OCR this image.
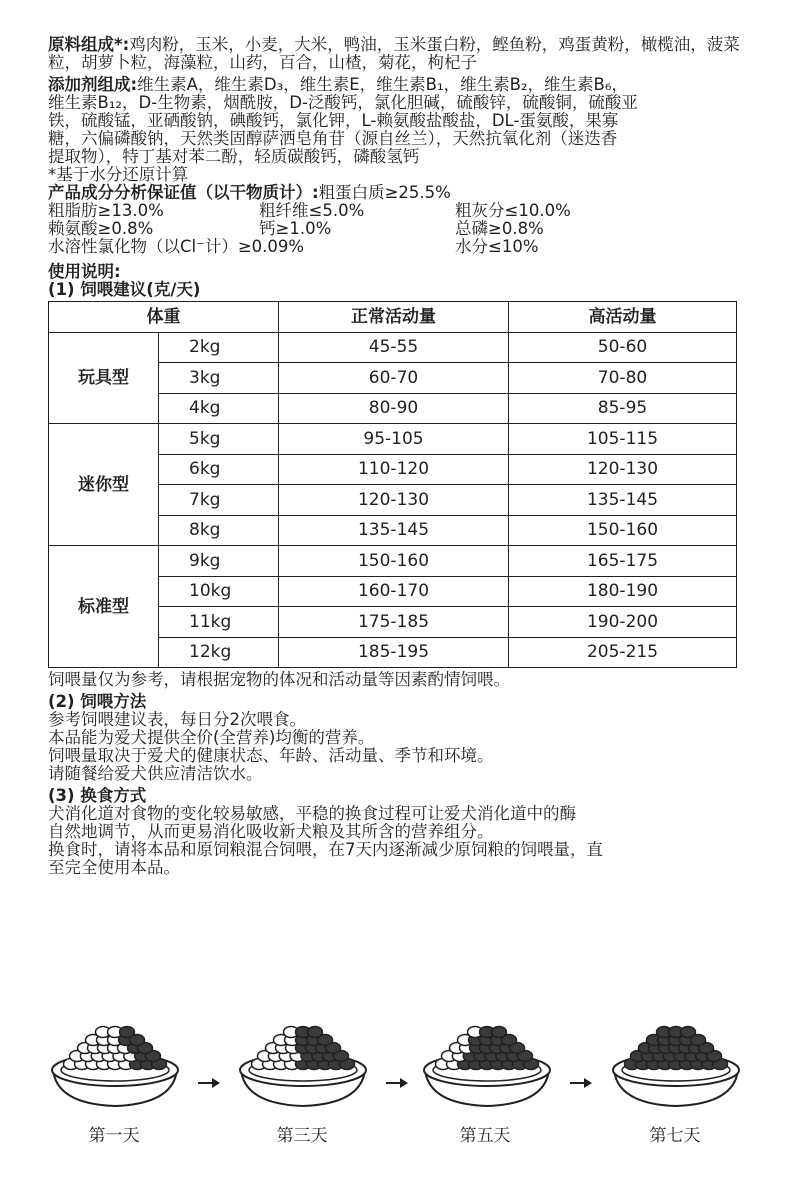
原料组成*:鸡肉粉，玉米，小麦，大米，鸭油，玉米蛋白粉，鲣鱼粉，鸡蛋黄粉，橄榄油，菠菜粒，胡萝卜粒，海藻粒，山药，百合，山楂，菊花，枸杞子

添加剂组成:维生素A，维生素D₃，维生素E，维生素B₁，维生素B₂，维生素B₆，
维生素B₁₂，D-生物素，烟酰胺，D-泛酸钙，氯化胆碱，硫酸锌，硫酸铜，硫酸亚
铁，硫酸锰，亚硒酸钠，碘酸钙，氯化钾，L-赖氨酸盐酸盐，DL-蛋氨酸，果寡
糖，六偏磷酸钠，天然类固醇萨洒皂角苷（源自丝兰），天然抗氧化剂（迷迭香
提取物），特丁基对苯二酚，轻质碳酸钙，磷酸氢钙
*基于水分还原计算
产品成分分析保证值（以干物质计）:粗蛋白质≥25.5%
粗脂肪≥13.0%	粗纤维≤5.0%	粗灰分≤10.0%
赖氨酸≥0.8%	钙≥1.0%	总磷≥0.8%
水溶性氯化物（以Cl⁻计）≥0.09%	水分≤10%
使用说明:
(1) 饲喂建议(克/天)
体重		正常活动量	高活动量
玩具型	2kg	45-55	50-60
	3kg	60-70	70-80
	4kg	80-90	85-95
迷你型	5kg	95-105	105-115
	6kg	110-120	120-130
	7kg	120-130	135-145
	8kg	135-145	150-160
标准型	9kg	150-160	165-175
	10kg	160-170	180-190
	11kg	175-185	190-200
	12kg	185-195	205-215
饲喂量仅为参考，请根据宠物的体况和活动量等因素酌情饲喂。
(2) 饲喂方法
参考饲喂建议表，每日分2次喂食。
本品能为爱犬提供全价(全营养)均衡的营养。
饲喂量取决于爱犬的健康状态、年龄、活动量、季节和环境。
请随餐给爱犬供应清洁饮水。
(3) 换食方式
犬消化道对食物的变化较易敏感，平稳的换食过程可让爱犬消化道中的酶
自然地调节，从而更易消化吸收新犬粮及其所含的营养组分。
换食时，请将本品和原饲粮混合饲喂，在7天内逐渐减少原饲粮的饲喂量，直
至完全使用本品。
第一天	第三天	第五天	第七天
